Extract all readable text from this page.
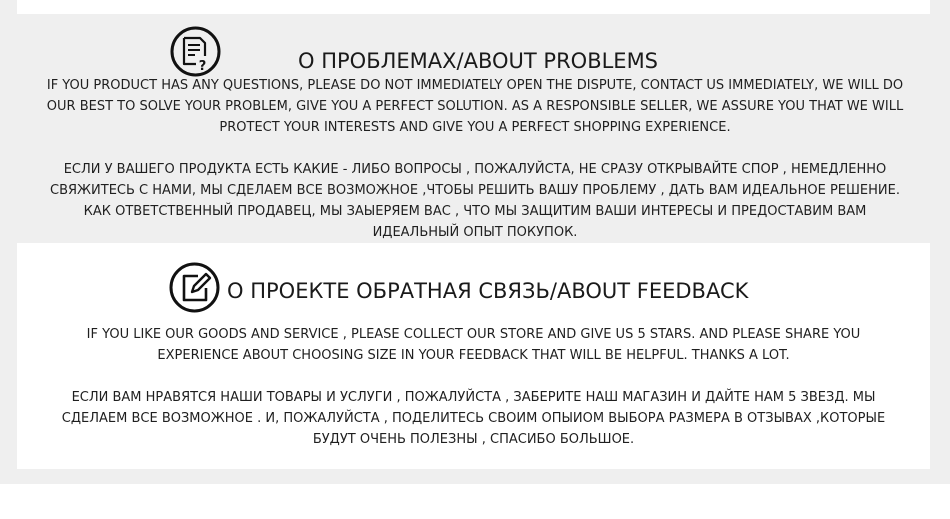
?	О ПРОБЛЕМАХ/ABOUT PROBLEMS
IF YOU PRODUCT HAS ANY QUESTIONS, PLEASE DO NOT IMMEDIATELY OPEN THE DISPUTE, CONTACT US IMMEDIATELY, WE WILL DO OUR BEST TO SOLVE YOUR PROBLEM, GIVE YOU A PERFECT SOLUTION. AS A RESPONSIBLE SELLER, WE ASSURE YOU THAT WE WILL PROTECT YOUR INTERESTS AND GIVE YOU A PERFECT SHOPPING EXPERIENCE.
ЕСЛИ У ВАШЕГО ПРОДУКТА ЕСТЬ КАКИЕ - ЛИБО ВОПРОСЫ , ПОЖАЛУЙСТА, НЕ СРАЗУ ОТКРЫВАЙТЕ СПОР , НЕМЕДЛЕННО СВЯЖИТЕСЬ С НАМИ, МЫ СДЕЛАЕМ ВСЕ ВОЗМОЖНОЕ ,ЧТОБЫ РЕШИТЬ ВАШУ ПРОБЛЕМУ , ДАТЬ ВАМ ИДЕАЛЬНОЕ РЕШЕНИЕ. КАК ОТВЕТСТВЕННЫЙ ПРОДАВЕЦ, МЫ ЗАЫЕРЯЕМ ВАС , ЧТО МЫ ЗАЩИТИМ ВАШИ ИНТЕРЕСЫ И ПРЕДОСТАВИМ ВАМ ИДЕАЛЬНЫЙ ОПЫТ ПОКУПОК.
О ПРОЕКТЕ ОБРАТНАЯ СВЯЗЬ/ABOUT FEEDBACK
IF YOU LIKE OUR GOODS AND SERVICE , PLEASE COLLECT OUR STORE AND GIVE US 5 STARS. AND PLEASE SHARE YOU EXPERIENCE ABOUT CHOOSING SIZE IN YOUR FEEDBACK THAT WILL BE HELPFUL. THANKS A LOT.
ЕСЛИ ВАМ НРАВЯТСЯ НАШИ ТОВАРЫ И УСЛУГИ , ПОЖАЛУЙСТА , ЗАБЕРИТЕ НАШ МАГАЗИН И ДАЙТЕ НАМ 5 ЗВЕЗД. МЫ СДЕЛАЕМ ВСЕ ВОЗМОЖНОЕ . И, ПОЖАЛУЙСТА , ПОДЕЛИТЕСЬ СВОИМ ОПЫИОМ ВЫБОРА РАЗМЕРА В ОТЗЫВАХ ,КОТОРЫЕ БУДУТ ОЧЕНЬ ПОЛЕЗНЫ , СПАСИБО БОЛЬШОЕ.
